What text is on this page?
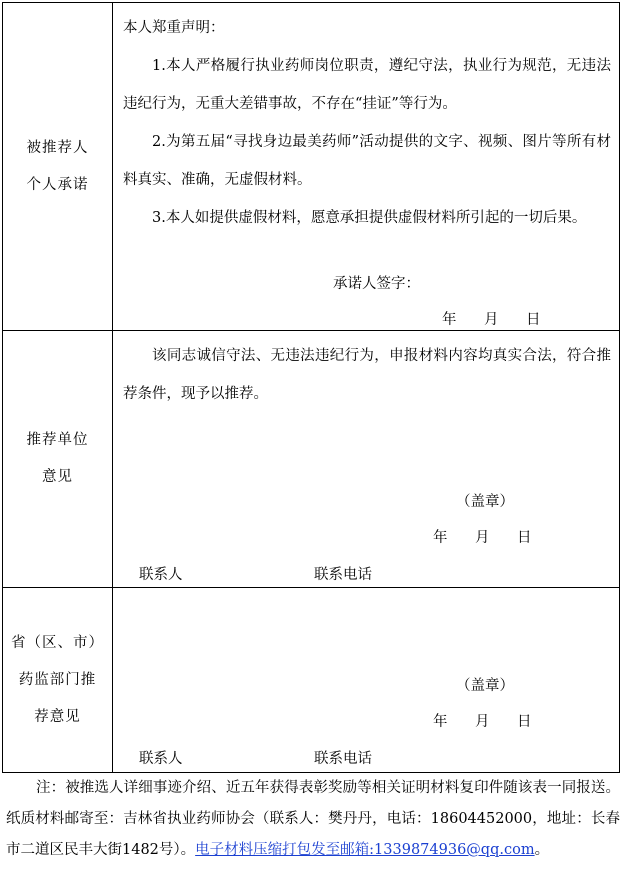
被推荐人
个人承诺
本人郑重声明：
1.本人严格履行执业药师岗位职责，遵纪守法，执业行为规范，无违法违纪行为，无重大差错事故，不存在“挂证”等行为。
2.为第五届“寻找身边最美药师”活动提供的文字、视频、图片等所有材料真实、准确，无虚假材料。
3.本人如提供虚假材料，愿意承担提供虚假材料所引起的一切后果。
承诺人签字：
年 月 日
推荐单位
意见
该同志诚信守法、无违法违纪行为，申报材料内容均真实合法，符合推荐条件，现予以推荐。
（盖章）
年 月 日
联系人	联系电话
省（区、市）
药监部门推
荐意见
（盖章）
年 月 日
联系人	联系电话
注：被推选人详细事迹介绍、近五年获得表彰奖励等相关证明材料复印件随该表一同报送。纸质材料邮寄至：吉林省执业药师协会（联系人：樊丹丹，电话：18604452000，地址：长春市二道区民丰大街1482号）。电子材料压缩打包发至邮箱:1339874936@qq.com。
